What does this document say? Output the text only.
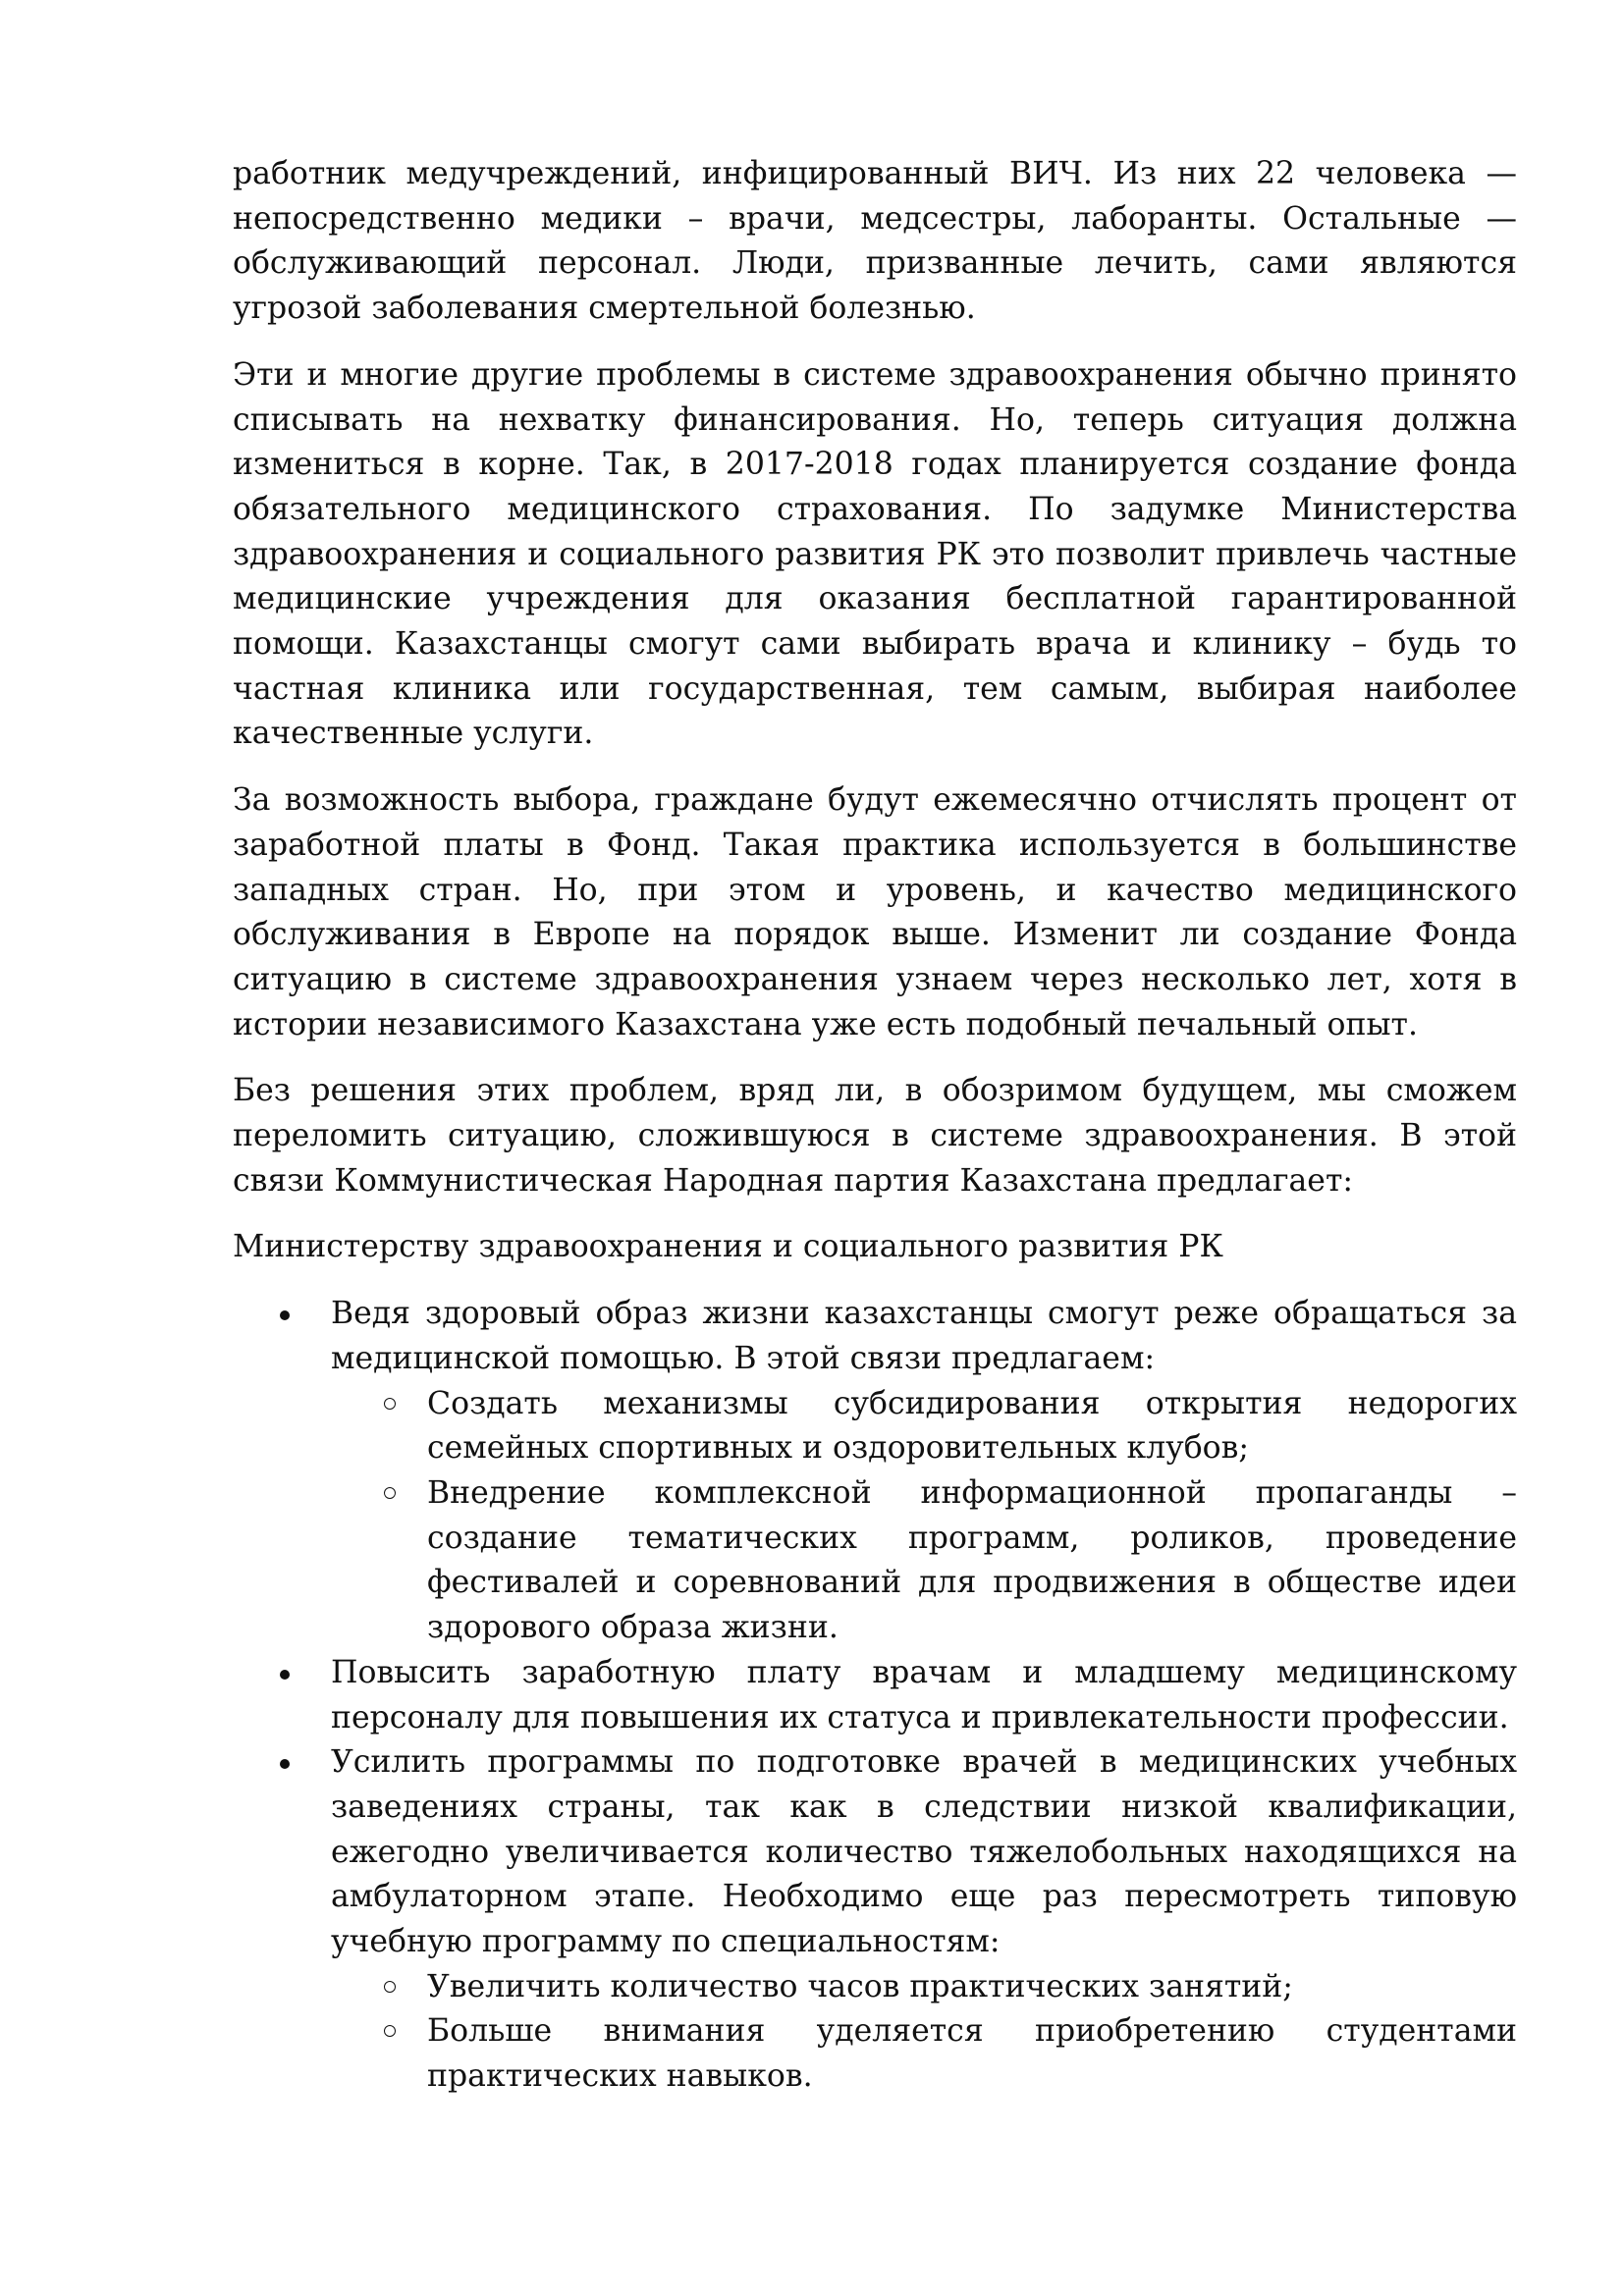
работник медучреждений, инфицированный ВИЧ. Из них 22 человека — непосредственно медики – врачи, медсестры, лаборанты. Остальные — обслуживающий персонал. Люди, призванные лечить, сами являются угрозой заболевания смертельной болезнью.

Эти и многие другие проблемы в системе здравоохранения обычно принято списывать на нехватку финансирования. Но, теперь ситуация должна измениться в корне. Так, в 2017-2018 годах планируется создание фонда обязательного медицинского страхования. По задумке Министерства здравоохранения и социального развития РК это позволит привлечь частные медицинские учреждения для оказания бесплатной гарантированной помощи. Казахстанцы смогут сами выбирать врача и клинику – будь то частная клиника или государственная, тем самым, выбирая наиболее качественные услуги.

За возможность выбора, граждане будут ежемесячно отчислять процент от заработной платы в Фонд. Такая практика используется в большинстве западных стран. Но, при этом и уровень, и качество медицинского обслуживания в Европе на порядок выше. Изменит ли создание Фонда ситуацию в системе здравоохранения узнаем через несколько лет, хотя в истории независимого Казахстана уже есть подобный печальный опыт.

Без решения этих проблем, вряд ли, в обозримом будущем, мы сможем переломить ситуацию, сложившуюся в системе здравоохранения. В этой связи Коммунистическая Народная партия Казахстана предлагает:

Министерству здравоохранения и социального развития РК

Ведя здоровый образ жизни казахстанцы смогут реже обращаться за медицинской помощью. В этой связи предлагаем:
Создать механизмы субсидирования открытия недорогих семейных спортивных и оздоровительных клубов;
Внедрение комплексной информационной пропаганды – создание тематических программ, роликов, проведение фестивалей и соревнований для продвижения в обществе идеи здорового образа жизни.
Повысить заработную плату врачам и младшему медицинскому персоналу для повышения их статуса и привлекательности профессии.
Усилить программы по подготовке врачей в медицинских учебных заведениях страны, так как в следствии низкой квалификации, ежегодно увеличивается количество тяжелобольных находящихся на амбулаторном этапе. Необходимо еще раз пересмотреть типовую учебную программу по специальностям:
Увеличить количество часов практических занятий;
Больше внимания уделяется приобретению студентами практических навыков.
